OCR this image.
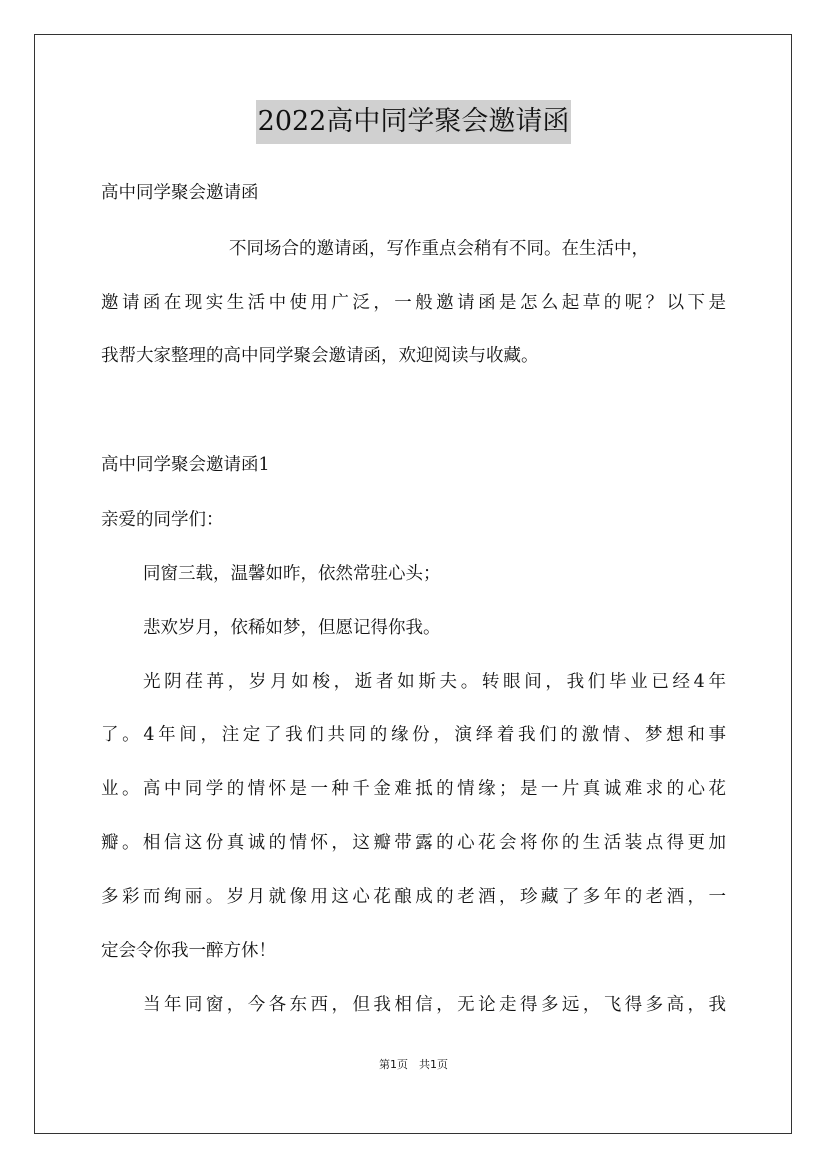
2022高中同学聚会邀请函
高中同学聚会邀请函
不同场合的邀请函，写作重点会稍有不同。在生活中，
邀请函在现实生活中使用广泛，一般邀请函是怎么起草的呢？以下是
我帮大家整理的高中同学聚会邀请函，欢迎阅读与收藏。
高中同学聚会邀请函1
亲爱的同学们：
同窗三载，温馨如昨，依然常驻心头；
悲欢岁月，依稀如梦，但愿记得你我。
光阴荏苒，岁月如梭，逝者如斯夫。转眼间，我们毕业已经4年
了。4年间，注定了我们共同的缘份，演绎着我们的激情、梦想和事
业。高中同学的情怀是一种千金难抵的情缘；是一片真诚难求的心花
瓣。相信这份真诚的情怀，这瓣带露的心花会将你的生活装点得更加
多彩而绚丽。岁月就像用这心花酿成的老酒，珍藏了多年的老酒，一
定会令你我一醉方休！
当年同窗，今各东西，但我相信，无论走得多远，飞得多高，我
第1页　共1页
